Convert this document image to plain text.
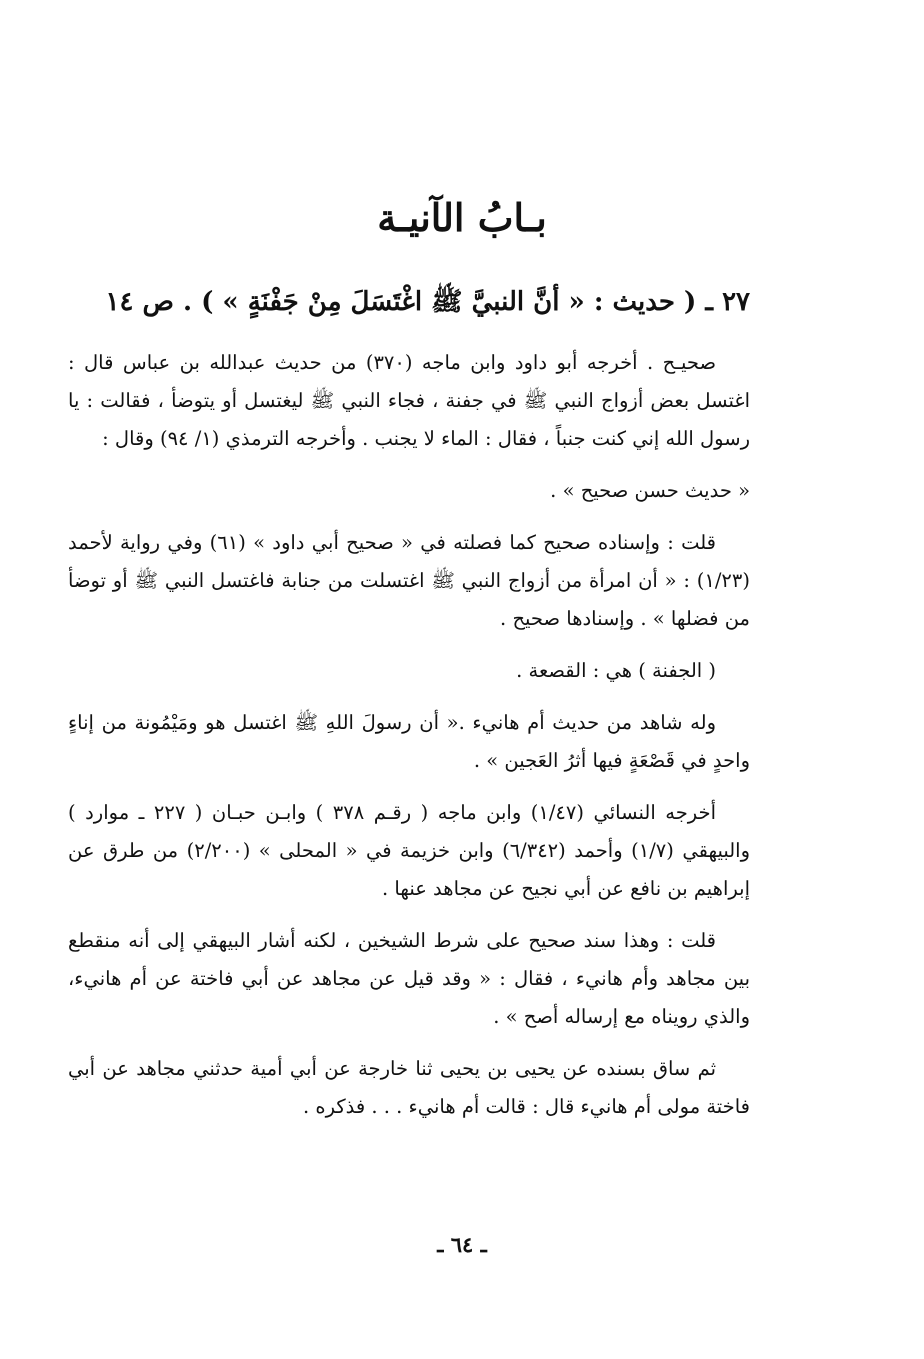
بـابُ الآنيـة
٢٧ ـ ( حديث : « أنَّ النبيَّ ﷺ اغْتَسَلَ مِنْ جَفْنَةٍ » ) . ص ١٤

صحيـح . أخرجه أبو داود وابن ماجه (٣٧٠) من حديث عبدالله بن عباس قال : اغتسل بعض أزواج النبي ﷺ في جفنة ، فجاء النبي ﷺ ليغتسل أو يتوضأ ، فقالت : يا رسول الله إني كنت جنباً ، فقال : الماء لا يجنب . وأخرجه الترمذي (١/ ٩٤) وقال :

« حديث حسن صحيح » .

قلت : وإسناده صحيح كما فصلته في « صحيح أبي داود » (٦١) وفي رواية لأحمد (١/٢٣) : « أن امرأة من أزواج النبي ﷺ اغتسلت من جنابة فاغتسل النبي ﷺ أو توضأ من فضلها » . وإسنادها صحيح .

( الجفنة ) هي : القصعة .

وله شاهد من حديث أم هانيء .« أن رسولَ اللهِ ﷺ اغتسل هو ومَيْمُونة من إناءٍ واحدٍ في قَصْعَةٍ فيها أثرُ العَجين » .

أخرجه النسائي (١/٤٧) وابن ماجه ( رقـم ٣٧٨ ) وابـن حبـان ( ٢٢٧ ـ موارد ) والبيهقي (١/٧) وأحمد (٦/٣٤٢) وابن خزيمة في « المحلى » (٢/٢٠٠) من طرق عن إبراهيم بن نافع عن أبي نجيح عن مجاهد عنها .

قلت : وهذا سند صحيح على شرط الشيخين ، لكنه أشار البيهقي إلى أنه منقطع بين مجاهد وأم هانيء ، فقال : « وقد قيل عن مجاهد عن أبي فاختة عن أم هانيء، والذي رويناه مع إرساله أصح » .

ثم ساق بسنده عن يحيى بن يحيى ثنا خارجة عن أبي أمية حدثني مجاهد عن أبي فاختة مولى أم هانيء قال : قالت أم هانيء . . . فذكره .

ـ ٦٤ ـ
